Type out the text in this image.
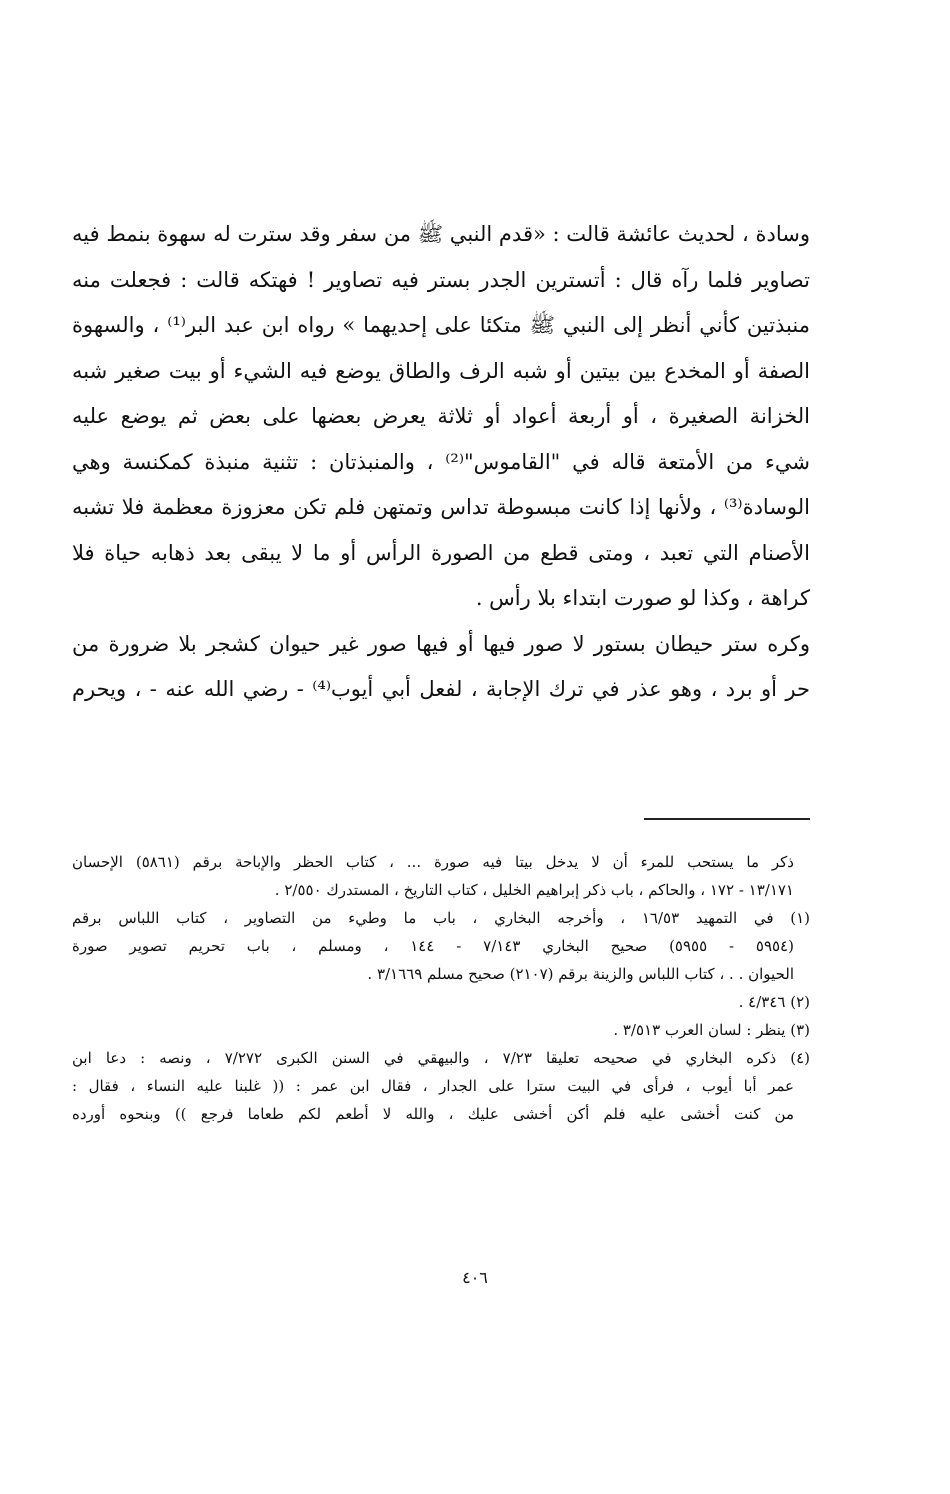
وسادة ، لحديث عائشة قالت : «قدم النبي ﷺ من سفر وقد سترت له سهوة بنمط فيه
تصاوير فلما رآه قال : أتسترين الجدر بستر فيه تصاوير ! فهتكه قالت : فجعلت منه
منبذتين كأني أنظر إلى النبي ﷺ متكئا على إحديهما » رواه ابن عبد البر⁽¹⁾ ، والسهوة
الصفة أو المخدع بين بيتين أو شبه الرف والطاق يوضع فيه الشيء أو بيت صغير شبه
الخزانة الصغيرة ، أو أربعة أعواد أو ثلاثة يعرض بعضها على بعض ثم يوضع عليه
شيء من الأمتعة قاله في "القاموس"⁽²⁾ ، والمنبذتان : تثنية منبذة كمكنسة وهي
الوسادة⁽³⁾ ، ولأنها إذا كانت مبسوطة تداس وتمتهن فلم تكن معزوزة معظمة فلا تشبه
الأصنام التي تعبد ، ومتى قطع من الصورة الرأس أو ما لا يبقى بعد ذهابه حياة فلا
كراهة ، وكذا لو صورت ابتداء بلا رأس .
وكره ستر حيطان بستور لا صور فيها أو فيها صور غير حيوان كشجر بلا ضرورة من
حر أو برد ، وهو عذر في ترك الإجابة ، لفعل أبي أيوب⁽⁴⁾ - رضي الله عنه - ، ويحرم
ذكر ما يستحب للمرء أن لا يدخل بيتا فيه صورة ... ، كتاب الحظر والإباحة برقم (٥٨٦١) الإحسان
١٣/١٧١ - ١٧٢ ، والحاكم ، باب ذكر إبراهيم الخليل ، كتاب التاريخ ، المستدرك ٢/٥٥٠ .
(١) في التمهيد ١٦/٥٣ ، وأخرجه البخاري ، باب ما وطيء من التصاوير ، كتاب اللباس برقم
(٥٩٥٤ - ٥٩٥٥) صحيح البخاري ٧/١٤٣ - ١٤٤ ، ومسلم ، باب تحريم تصوير صورة
الحيوان . . ، كتاب اللباس والزينة برقم (٢١٠٧) صحيح مسلم ٣/١٦٦٩ .
(٢) ٤/٣٤٦ .
(٣) ينظر : لسان العرب ٣/٥١٣ .
(٤) ذكره البخاري في صحيحه تعليقا ٧/٢٣ ، والبيهقي في السنن الكبرى ٧/٢٧٢ ، ونصه : دعا ابن
عمر أبا أيوب ، فرأى في البيت سترا على الجدار ، فقال ابن عمر : (( غلبنا عليه النساء ، فقال :
من كنت أخشى عليه فلم أكن أخشى عليك ، والله لا أطعم لكم طعاما فرجع )) وبنحوه أورده
٤٠٦
